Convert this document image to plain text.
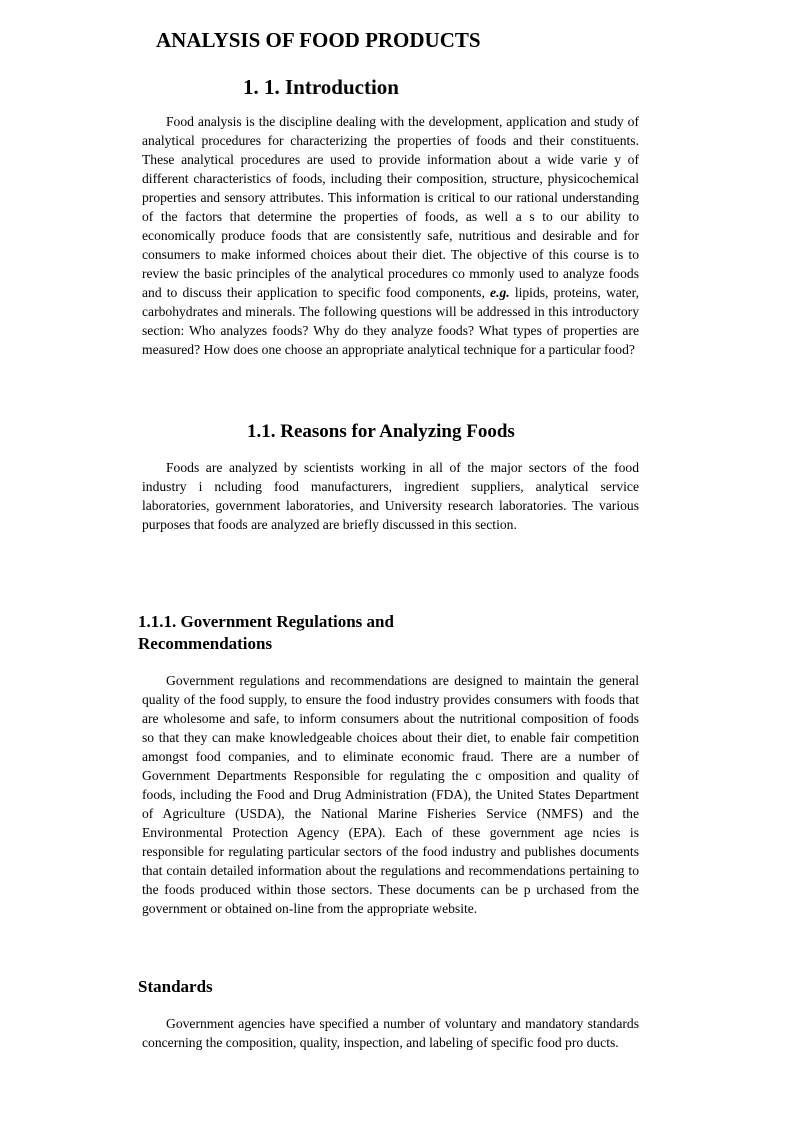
ANALYSIS OF FOOD PRODUCTS
1. 1. Introduction

Food analysis is the discipline dealing with the development, application and study of analytical procedures for characterizing the properties of foods and their constituents. These analytical procedures are used to provide information about a wide varie y of different characteristics of foods, including their composition, structure, physicochemical properties and sensory attributes. This information is critical to our rational understanding of the factors that determine the properties of foods, as well a s to our ability to economically produce foods that are consistently safe, nutritious and desirable and for consumers to make informed choices about their diet. The objective of this course is to review the basic principles of the analytical procedures co mmonly used to analyze foods and to discuss their application to specific food components, e.g. lipids, proteins, water, carbohydrates and minerals. The following questions will be addressed in this introductory section: Who analyzes foods? Why do they analyze foods? What types of properties are measured? How does one choose an appropriate analytical technique for a particular food?

1.1. Reasons for Analyzing Foods

Foods are analyzed by scientists working in all of the major sectors of the food industry i ncluding food manufacturers, ingredient suppliers, analytical service laboratories, government laboratories, and University research laboratories. The various purposes that foods are analyzed are briefly discussed in this section.

1.1.1. Government Regulations and Recommendations

Government regulations and recommendations are designed to maintain the general quality of the food supply, to ensure the food industry provides consumers with foods that are wholesome and safe, to inform consumers about the nutritional composition of foods so that they can make knowledgeable choices about their diet, to enable fair competition amongst food companies, and to eliminate economic fraud. There are a number of Government Departments Responsible for regulating the c omposition and quality of foods, including the Food and Drug Administration (FDA), the United States Department of Agriculture (USDA), the National Marine Fisheries Service (NMFS) and the Environmental Protection Agency (EPA). Each of these government age ncies is responsible for regulating particular sectors of the food industry and publishes documents that contain detailed information about the regulations and recommendations pertaining to the foods produced within those sectors. These documents can be p urchased from the government or obtained on-line from the appropriate website.

Standards

Government agencies have specified a number of voluntary and mandatory standards concerning the composition, quality, inspection, and labeling of specific food pro ducts.
